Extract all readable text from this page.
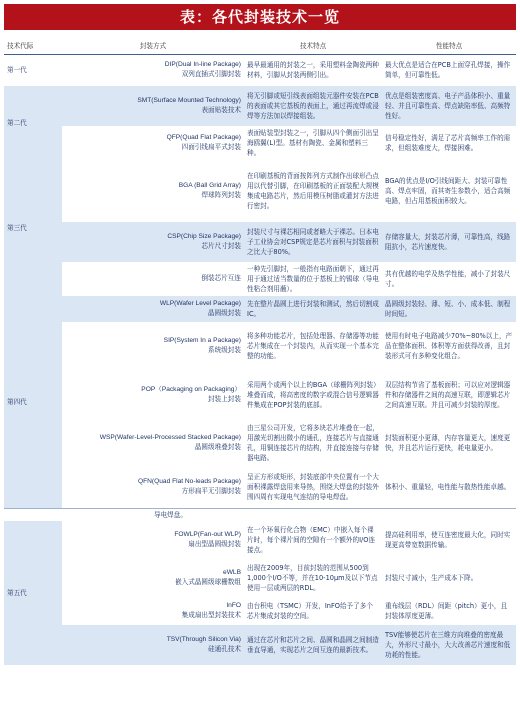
表：各代封装技术一览
技术代际	封装方式	技术特点	性能特点
第一代	DIP(Dual In-line Package)
双列直插式引脚封装	最早最通用的封装之一，采用塑料金陶瓷两种材料，引脚从封装两侧引出。	最大优点是适合在PCB上面穿孔焊接，操作简单，但可靠性低。
第二代	SMT(Surface Mounted Technology)
表面贴装技术	将无引脚或短引线表面组装元器件安装在PCB的表面或其它基板的表面上，通过再流焊或浸焊等方法加以焊接组装。	优点是组装密度高、电子产品体积小、重量轻、并且可靠性高、焊点缺陷率低、高频特性好。

	QFP(Quad Flat Package)
四面引线扁平式封装	表面贴装型封装之一，引脚从四个侧面引出呈海鸥翼(L)型。基材有陶瓷、金属和塑料三种。	信号稳定性好，满足了芯片高频率工作的需求，但组装难度大，焊接困难。
第三代	BGA (Ball Grid Array)
焊球阵列封装	在印刷基板的背面按阵列方式制作出球形凸点用以代替引脚，在印刷基板的正面装配大规模集成电路芯片，然后用模压树脂或灌封方法进行密封。	BGA的优点是I/O引线间距大、封装可靠性高、焊点牢固，而其寄生参数小，适合高频电路，但占用基板面积较大。

	CSP(Chip Size Package)
芯片尺寸封装	封装尺寸与裸芯相同或者略大于裸芯。日本电子工业协会对CSP规定是芯片面积与封装面积之比大于80%。	存储容量大，封装芯片薄，可靠性高，线路阻抗小，芯片速度快。

	倒装芯片互连	一种先引脚封，一般指有电路面朝下，通过再用于通过适当数量的位于基板上的锡球（导电性粘合剂用蘸）。	共有优越的电学及热学性能，减小了封装尺寸。
第四代	WLP(Wafer Level Package)
晶圆级封装	先在整片晶圆上进行封装和测试，然后切割成IC。	晶圆级封装轻、薄、短、小、成本低、制程时间短。

	SIP(System In a Package)
系统级封装	将多种功能芯片，包括处理器、存储器等功能芯片集成在一个封装内，从而实现一个基本完整的功能。	使用有时电子电路减少70%~80%以上，产品在整体面积、体积等方面获得改善，且封装形式可有多种变化组合。

	POP（Packaging on Packaging）
封装上封装	采用两个或两个以上的BGA（球栅阵列封装）堆叠而成，将高密度的数字或混合信号逻辑器件集成在POP封装的底部。	双层结构节省了基板面积；可以应对逻辑器件和存储器件之间的高速互联，即逻辑芯片之间高速互联。并且可减少封装的厚度。

	WSP(Wafer-Level-Processed Stacked Package)
晶圆级堆叠封装	由三星公司开发，它将多块芯片堆叠在一起，用激光切割出微小的通孔，连接芯片与直接通孔，用铜连接芯片的结构，并直接连接与存储器电路。	封装面积更小更薄，内存容量更大，速度更快，并且芯片运行更快，耗电量更小。

	QFN(Quad Flat No-leads Package)
方形扁平无引脚封装	呈正方形或矩形，封装底部中央位置有一个大面积裸露焊盘用来导热，围绕大焊盘的封装外围四周有实现电气连结的导电焊盘。	体积小、重量轻，电性能与散热性能卓越。
导电焊盘。			
第五代	FOWLP(Fan-out WLP)
扇出型晶圆级封装	在一个环氧行化合物（EMC）中嵌入每个裸片时，每个裸片间的空隙有一个额外的I/O连接点。	提高硅利用率，使互连密度最大化，同时实现更高带宽数据传输。

	eWLB
嵌入式晶圆级球栅数组	出现在2009年，目前封装的范围从500到1,000个I/O不等，并在10-10μm及以下节点使用一层或两层的RDL。	封装尺寸减小，生产成本下降。

	InFO
集成扇出型封装技术	由台积电（TSMC）开发，InFO给予了多个芯片集成封装的空间。	重布线层（RDL）间距（pitch）更小，且封装体厚度更薄。

	TSV(Through Silicon Via)
硅通孔技术	通过在芯片和芯片之间、晶圆和晶圆之间制造垂直导通，实现芯片之间互连的最新技术。	TSV能够使芯片在三维方向堆叠的密度最大，外形尺寸最小，大大改善芯片速度和低功耗的性能。
